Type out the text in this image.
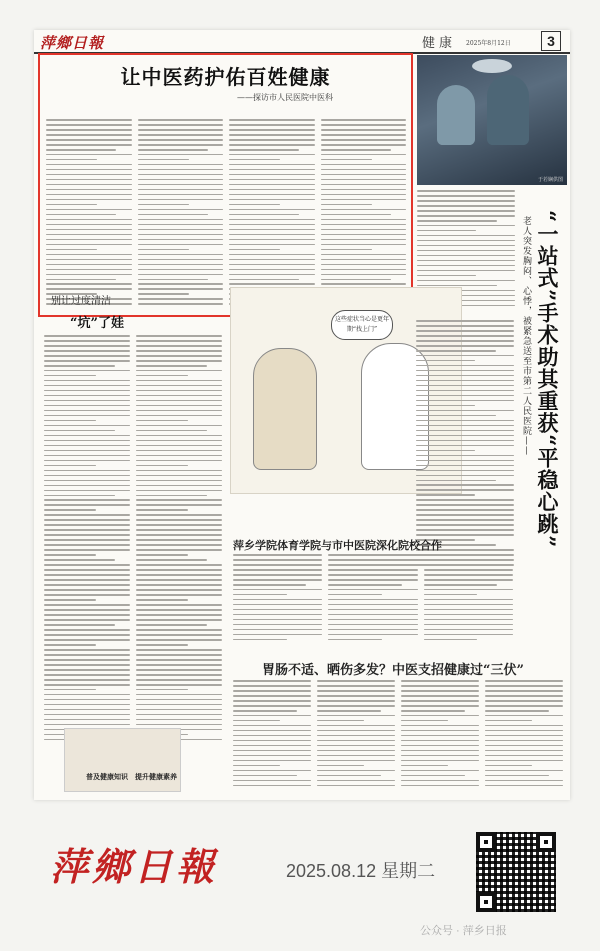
萍鄉日報	健康 2025年8月12日	3
让中医药护佑百姓健康
——探访市人民医院中医科
于若娴供图
“一站式”手术助其重获“平稳心跳”
老人突发胸闷、心悸，被紧急送至市第二人民医院——
别让过度清洁
“坑”了娃	这些症状当心是更年期“找上门”
萍乡学院体育学院与市中医院深化院校合作
胃肠不适、晒伤多发？中医支招健康过“三伏”
普及健康知识　提升健康素养
萍鄉日報	2025.08.12 星期二
公众号 · 萍乡日报
